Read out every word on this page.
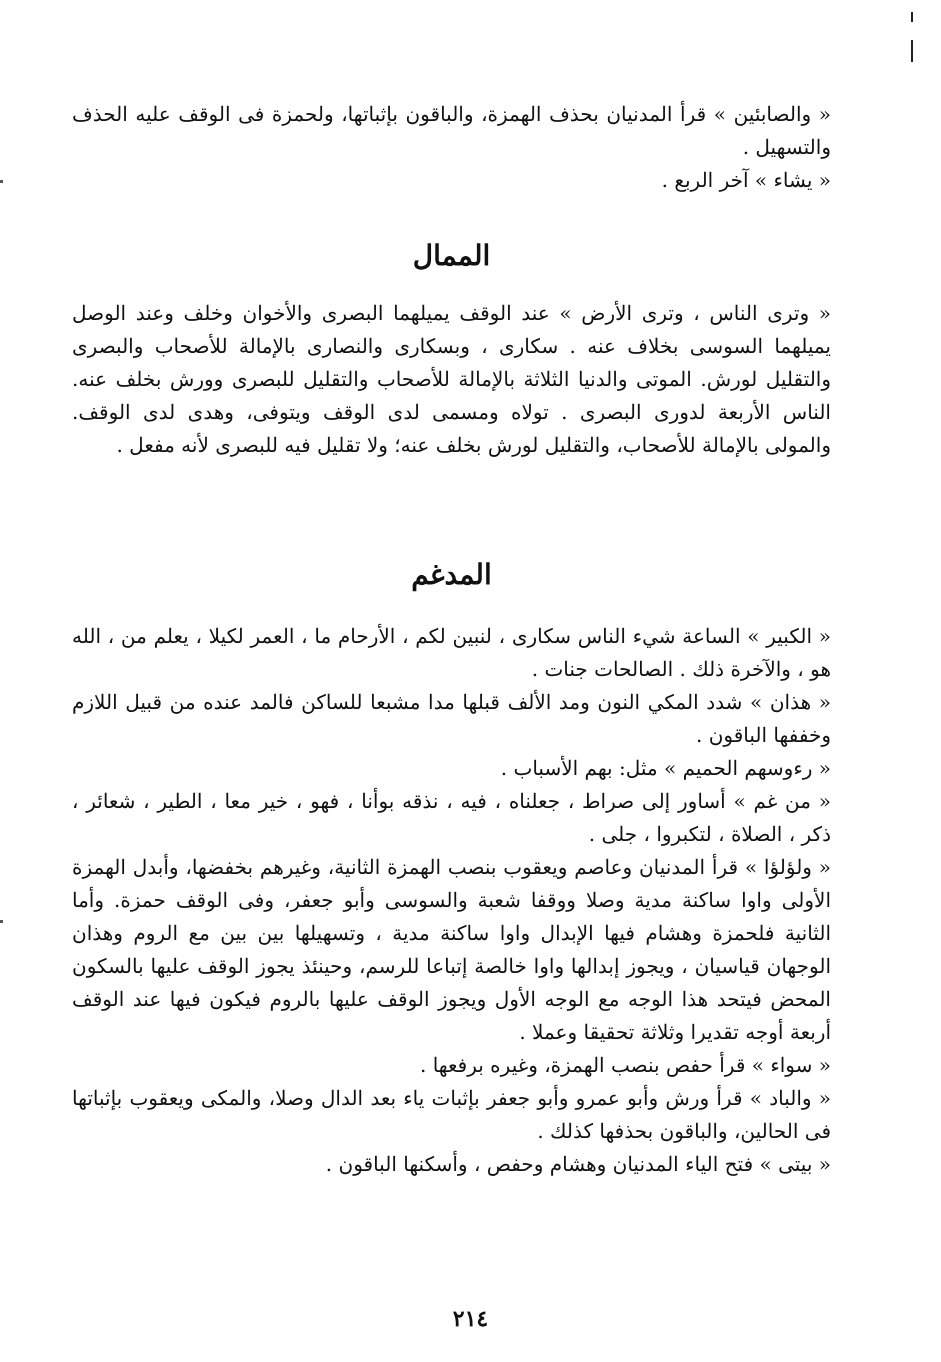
« والصابئين » قرأ المدنيان بحذف الهمزة، والباقون بإثباتها، ولحمزة فى الوقف عليه الحذف والتسهيل .

« يشاء » آخر الربع .

الممال

« وترى الناس ، وترى الأرض » عند الوقف يميلهما البصرى والأخوان وخلف وعند الوصل يميلهما السوسى بخلاف عنه . سكارى ، وبسكارى والنصارى بالإمالة للأصحاب والبصرى والتقليل لورش. الموتى والدنيا الثلاثة بالإمالة للأصحاب والتقليل للبصرى وورش بخلف عنه. الناس الأربعة لدورى البصرى . تولاه ومسمى لدى الوقف ويتوفى، وهدى لدى الوقف. والمولى بالإمالة للأصحاب، والتقليل لورش بخلف عنه؛ ولا تقليل فيه للبصرى لأنه مفعل .

المدغم

« الكبير » الساعة شيء الناس سكارى ، لنبين لكم ، الأرحام ما ، العمر لكيلا ، يعلم من ، الله هو ، والآخرة ذلك . الصالحات جنات .

« هذان » شدد المكي النون ومد الألف قبلها مدا مشبعا للساكن فالمد عنده من قبيل اللازم وخففها الباقون .

« رءوسهم الحميم » مثل: بهم الأسباب .

« من غم » أساور إلى صراط ، جعلناه ، فيه ، نذقه بوأنا ، فهو ، خير معا ، الطير ، شعائر ، ذكر ، الصلاة ، لتكبروا ، جلى .

« ولؤلؤا » قرأ المدنيان وعاصم ويعقوب بنصب الهمزة الثانية، وغيرهم بخفضها، وأبدل الهمزة الأولى واوا ساكنة مدية وصلا ووقفا شعبة والسوسى وأبو جعفر، وفى الوقف حمزة. وأما الثانية فلحمزة وهشام فيها الإبدال واوا ساكنة مدية ، وتسهيلها بين بين مع الروم وهذان الوجهان قياسيان ، ويجوز إبدالها واوا خالصة إتباعا للرسم، وحينئذ يجوز الوقف عليها بالسكون المحض فيتحد هذا الوجه مع الوجه الأول ويجوز الوقف عليها بالروم فيكون فيها عند الوقف أربعة أوجه تقديرا وثلاثة تحقيقا وعملا .

« سواء » قرأ حفص بنصب الهمزة، وغيره برفعها .

« والباد » قرأ ورش وأبو عمرو وأبو جعفر بإثبات ياء بعد الدال وصلا، والمكى ويعقوب بإثباتها فى الحالين، والباقون بحذفها كذلك .

« بيتى » فتح الياء المدنيان وهشام وحفص ، وأسكنها الباقون .

٢١٤
